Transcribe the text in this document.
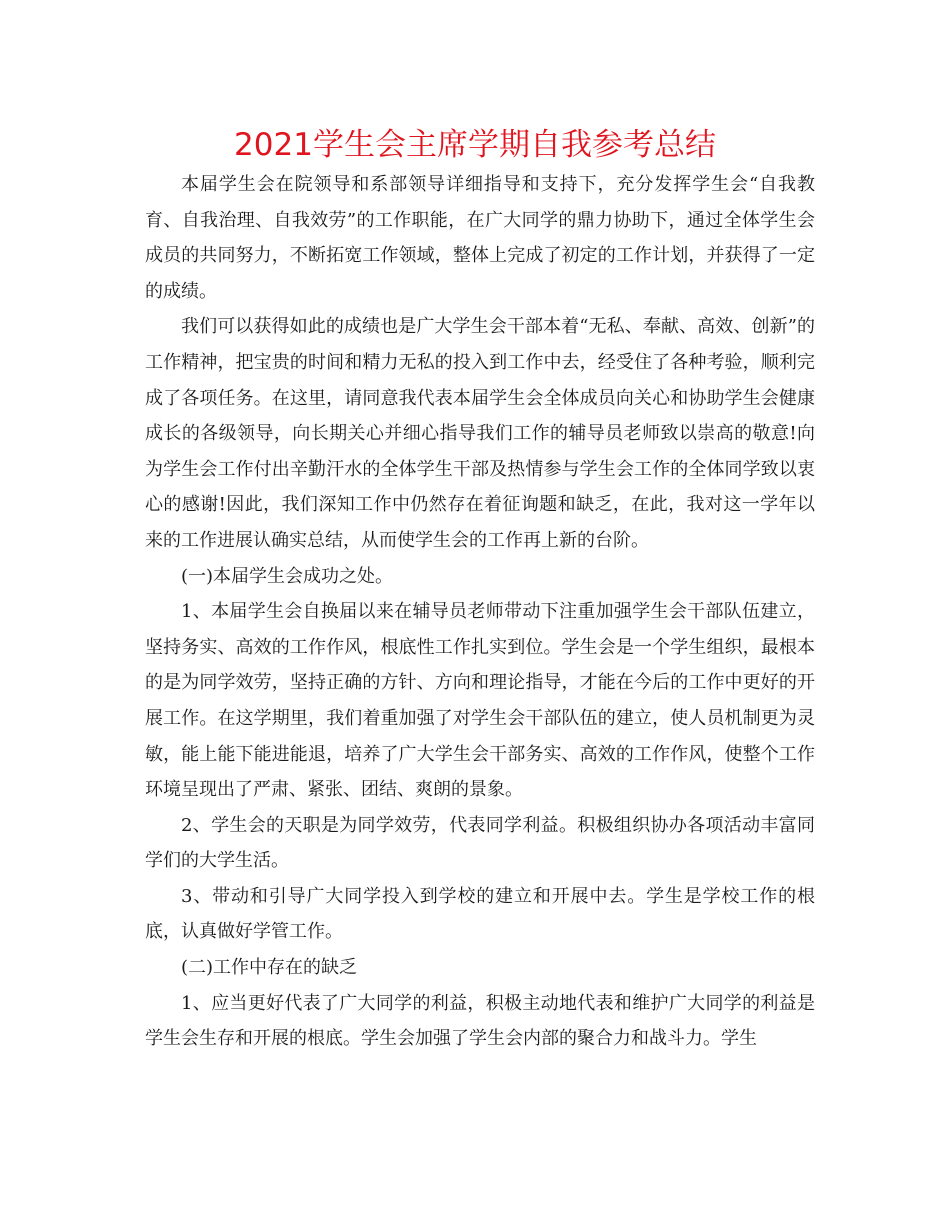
2021学生会主席学期自我参考总结

本届学生会在院领导和系部领导详细指导和支持下，充分发挥学生会“自我教育、自我治理、自我效劳”的工作职能，在广大同学的鼎力协助下，通过全体学生会成员的共同努力，不断拓宽工作领域，整体上完成了初定的工作计划，并获得了一定的成绩。

我们可以获得如此的成绩也是广大学生会干部本着“无私、奉献、高效、创新”的工作精神，把宝贵的时间和精力无私的投入到工作中去，经受住了各种考验，顺利完成了各项任务。在这里，请同意我代表本届学生会全体成员向关心和协助学生会健康成长的各级领导，向长期关心并细心指导我们工作的辅导员老师致以崇高的敬意!向为学生会工作付出辛勤汗水的全体学生干部及热情参与学生会工作的全体同学致以衷心的感谢!因此，我们深知工作中仍然存在着征询题和缺乏，在此，我对这一学年以来的工作进展认确实总结，从而使学生会的工作再上新的台阶。

(一)本届学生会成功之处。

1、本届学生会自换届以来在辅导员老师带动下注重加强学生会干部队伍建立，坚持务实、高效的工作作风，根底性工作扎实到位。学生会是一个学生组织，最根本的是为同学效劳，坚持正确的方针、方向和理论指导，才能在今后的工作中更好的开展工作。在这学期里，我们着重加强了对学生会干部队伍的建立，使人员机制更为灵敏，能上能下能进能退，培养了广大学生会干部务实、高效的工作作风，使整个工作环境呈现出了严肃、紧张、团结、爽朗的景象。

2、学生会的天职是为同学效劳，代表同学利益。积极组织协办各项活动丰富同学们的大学生活。

3、带动和引导广大同学投入到学校的建立和开展中去。学生是学校工作的根底，认真做好学管工作。

(二)工作中存在的缺乏

1、应当更好代表了广大同学的利益，积极主动地代表和维护广大同学的利益是学生会生存和开展的根底。学生会加强了学生会内部的聚合力和战斗力。学生
